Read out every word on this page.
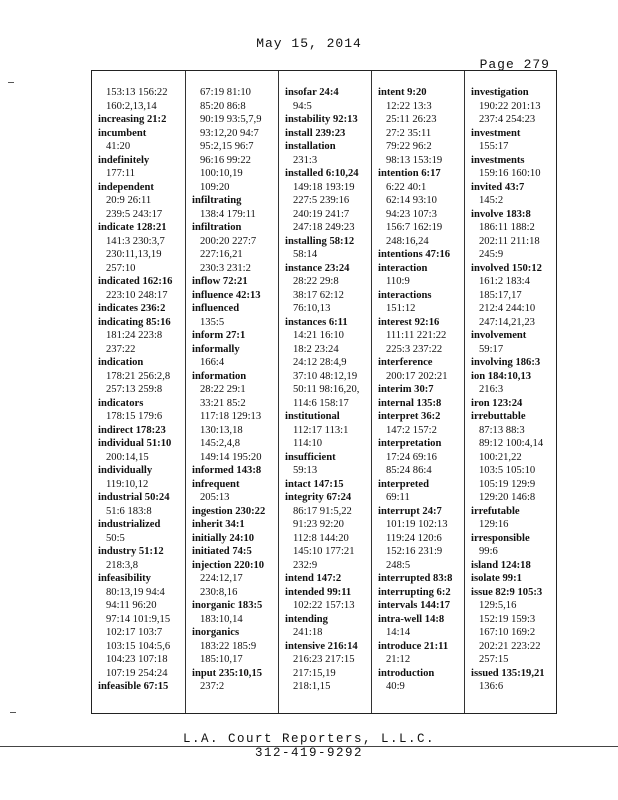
May 15, 2014
Page 279
153:13 156:22
160:2,13,14
increasing 21:2
incumbent
41:20
indefinitely
177:11
independent
20:9 26:11
239:5 243:17
indicate 128:21
141:3 230:3,7
230:11,13,19
257:10
indicated 162:16
223:10 248:17
indicates 236:2
indicating 85:16
181:24 223:8
237:22
indication
178:21 256:2,8
257:13 259:8
indicators
178:15 179:6
indirect 178:23
individual 51:10
200:14,15
individually
119:10,12
industrial 50:24
51:6 183:8
industrialized
50:5
industry 51:12
218:3,8
infeasibility
80:13,19 94:4
94:11 96:20
97:14 101:9,15
102:17 103:7
103:15 104:5,6
104:23 107:18
107:19 254:24
infeasible 67:15
67:19 81:10
85:20 86:8
90:19 93:5,7,9
93:12,20 94:7
95:2,15 96:7
96:16 99:22
100:10,19
109:20
infiltrating
138:4 179:11
infiltration
200:20 227:7
227:16,21
230:3 231:2
inflow 72:21
influence 42:13
influenced
135:5
inform 27:1
informally
166:4
information
28:22 29:1
33:21 85:2
117:18 129:13
130:13,18
145:2,4,8
149:14 195:20
informed 143:8
infrequent
205:13
ingestion 230:22
inherit 34:1
initially 24:10
initiated 74:5
injection 220:10
224:12,17
230:8,16
inorganic 183:5
183:10,14
inorganics
183:22 185:9
185:10,17
input 235:10,15
237:2
insofar 24:4
94:5
instability 92:13
install 239:23
installation
231:3
installed 6:10,24
149:18 193:19
227:5 239:16
240:19 241:7
247:18 249:23
installing 58:12
58:14
instance 23:24
28:22 29:8
38:17 62:12
76:10,13
instances 6:11
14:21 16:10
18:2 23:24
24:12 28:4,9
37:10 48:12,19
50:11 98:16,20,
114:6 158:17
institutional
112:17 113:1
114:10
insufficient
59:13
intact 147:15
integrity 67:24
86:17 91:5,22
91:23 92:20
112:8 144:20
145:10 177:21
232:9
intend 147:2
intended 99:11
102:22 157:13
intending
241:18
intensive 216:14
216:23 217:15
217:15,19
218:1,15
intent 9:20
12:22 13:3
25:11 26:23
27:2 35:11
79:22 96:2
98:13 153:19
intention 6:17
6:22 40:1
62:14 93:10
94:23 107:3
156:7 162:19
248:16,24
intentions 47:16
interaction
110:9
interactions
151:12
interest 92:16
111:11 221:22
225:3 237:22
interference
200:17 202:21
interim 30:7
internal 135:8
interpret 36:2
147:2 157:2
interpretation
17:24 69:16
85:24 86:4
interpreted
69:11
interrupt 24:7
101:19 102:13
119:24 120:6
152:16 231:9
248:5
interrupted 83:8
interrupting 6:2
intervals 144:17
intra-well 14:8
14:14
introduce 21:11
21:12
introduction
40:9
investigation
190:22 201:13
237:4 254:23
investment
155:17
investments
159:16 160:10
invited 43:7
145:2
involve 183:8
186:11 188:2
202:11 211:18
245:9
involved 150:12
161:2 183:4
185:17,17
212:4 244:10
247:14,21,23
involvement
59:17
involving 186:3
ion 184:10,13
216:3
iron 123:24
irrebuttable
87:13 88:3
89:12 100:4,14
100:21,22
103:5 105:10
105:19 129:9
129:20 146:8
irrefutable
129:16
irresponsible
99:6
island 124:18
isolate 99:1
issue 82:9 105:3
129:5,16
152:19 159:3
167:10 169:2
202:21 223:22
257:15
issued 135:19,21
136:6
L.A. Court Reporters, L.L.C.
312-419-9292
